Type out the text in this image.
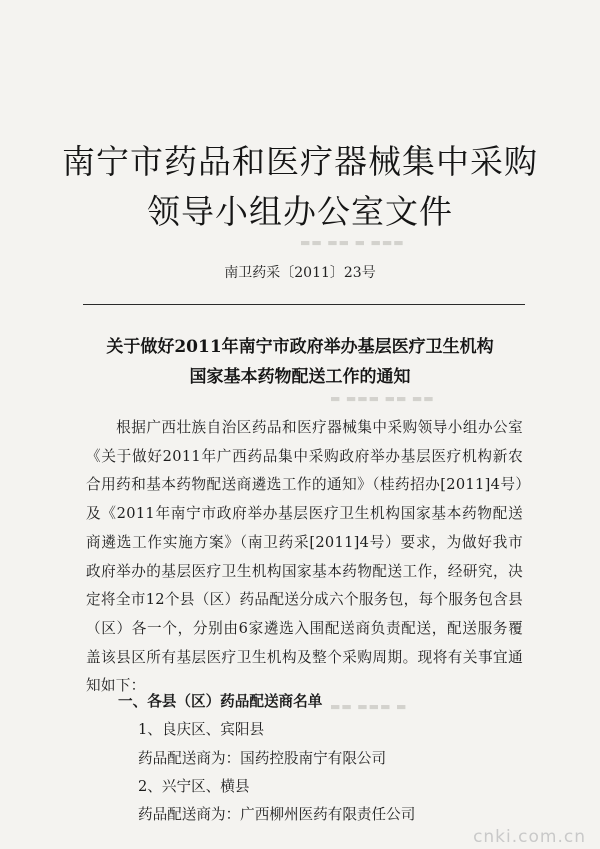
▬▬ ▬▬ ▬ ▬▬▬
▬ ▬▬▬ ▬▬ ▬▬
▬▬ ▬▬▬ ▬
南宁市药品和医疗器械集中采购
领导小组办公室文件
南卫药采〔2011〕23号
关于做好2011年南宁市政府举办基层医疗卫生机构
国家基本药物配送工作的通知
根据广西壮族自治区药品和医疗器械集中采购领导小组办公室《关于做好2011年广西药品集中采购政府举办基层医疗机构新农合用药和基本药物配送商遴选工作的通知》（桂药招办[2011]4号）及《2011年南宁市政府举办基层医疗卫生机构国家基本药物配送商遴选工作实施方案》（南卫药采[2011]4号）要求，为做好我市政府举办的基层医疗卫生机构国家基本药物配送工作，经研究，决定将全市12个县（区）药品配送分成六个服务包，每个服务包含县（区）各一个，分别由6家遴选入围配送商负责配送，配送服务覆盖该县区所有基层医疗卫生机构及整个采购周期。现将有关事宜通知如下：
一、各县（区）药品配送商名单
1、良庆区、宾阳县
药品配送商为：国药控股南宁有限公司
2、兴宁区、横县
药品配送商为：广西柳州医药有限责任公司
cnki.com.cn
